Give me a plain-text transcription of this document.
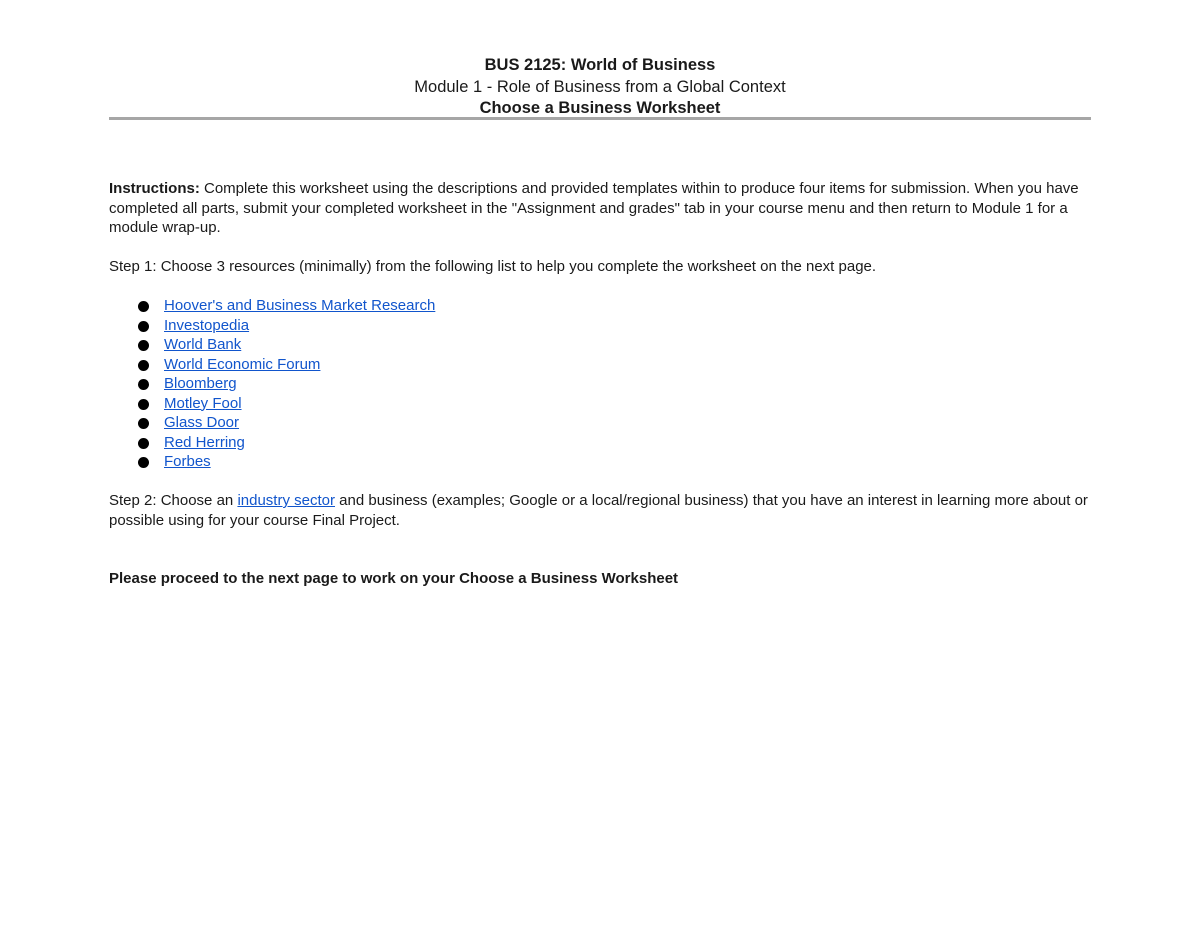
BUS 2125: World of Business
Module 1 - Role of Business from a Global Context
Choose a Business Worksheet
Instructions: Complete this worksheet using the descriptions and provided templates within to produce four items for submission. When you have completed all parts, submit your completed worksheet in the "Assignment and grades" tab in your course menu and then return to Module 1 for a module wrap-up.
Step 1: Choose 3 resources (minimally) from the following list to help you complete the worksheet on the next page.
Hoover's and Business Market Research
Investopedia
World Bank
World Economic Forum
Bloomberg
Motley Fool
Glass Door
Red Herring
Forbes
Step 2: Choose an industry sector and business (examples; Google or a local/regional business) that you have an interest in learning more about or possible using for your course Final Project.
Please proceed to the next page to work on your Choose a Business Worksheet
